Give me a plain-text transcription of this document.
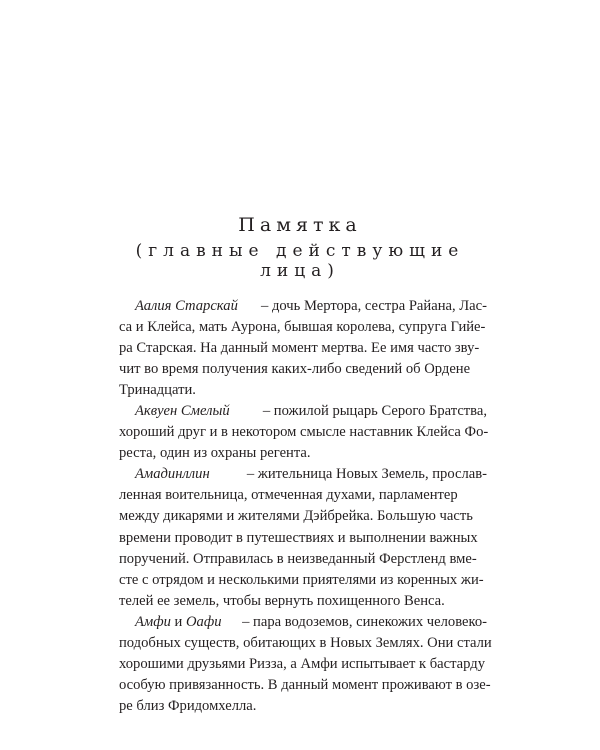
Памятка
(главные действующие
лица)
Аалия Старскай – дочь Мертора, сестра Райана, Лас-
са и Клейса, мать Аурона, бывшая королева, супруга Гийе-
ра Старская. На данный момент мертва. Ее имя часто зву-
чит во время получения каких-либо сведений об Ордене
Тринадцати.
Аквуен Смелый – пожилой рыцарь Серого Братства,
хороший друг и в некотором смысле наставник Клейса Фо-
реста, один из охраны регента.
Амадинллин	– жительница Новых Земель, прослав-
ленная воительница, отмеченная духами, парламентер
между дикарями и жителями Дэйбрейка. Большую часть
времени проводит в путешествиях и выполнении важных
поручений. Отправилась в неизведанный Ферстленд вме-
сте с отрядом и несколькими приятелями из коренных жи-
телей ее земель, чтобы вернуть похищенного Венса.
Амфи и Оафи – пара водоземов, синекожих человеко-
подобных существ, обитающих в Новых Землях. Они стали
хорошими друзьями Ризза, а Амфи испытывает к бастарду
особую привязанность. В данный момент проживают в озе-
ре близ Фридомхелла.
